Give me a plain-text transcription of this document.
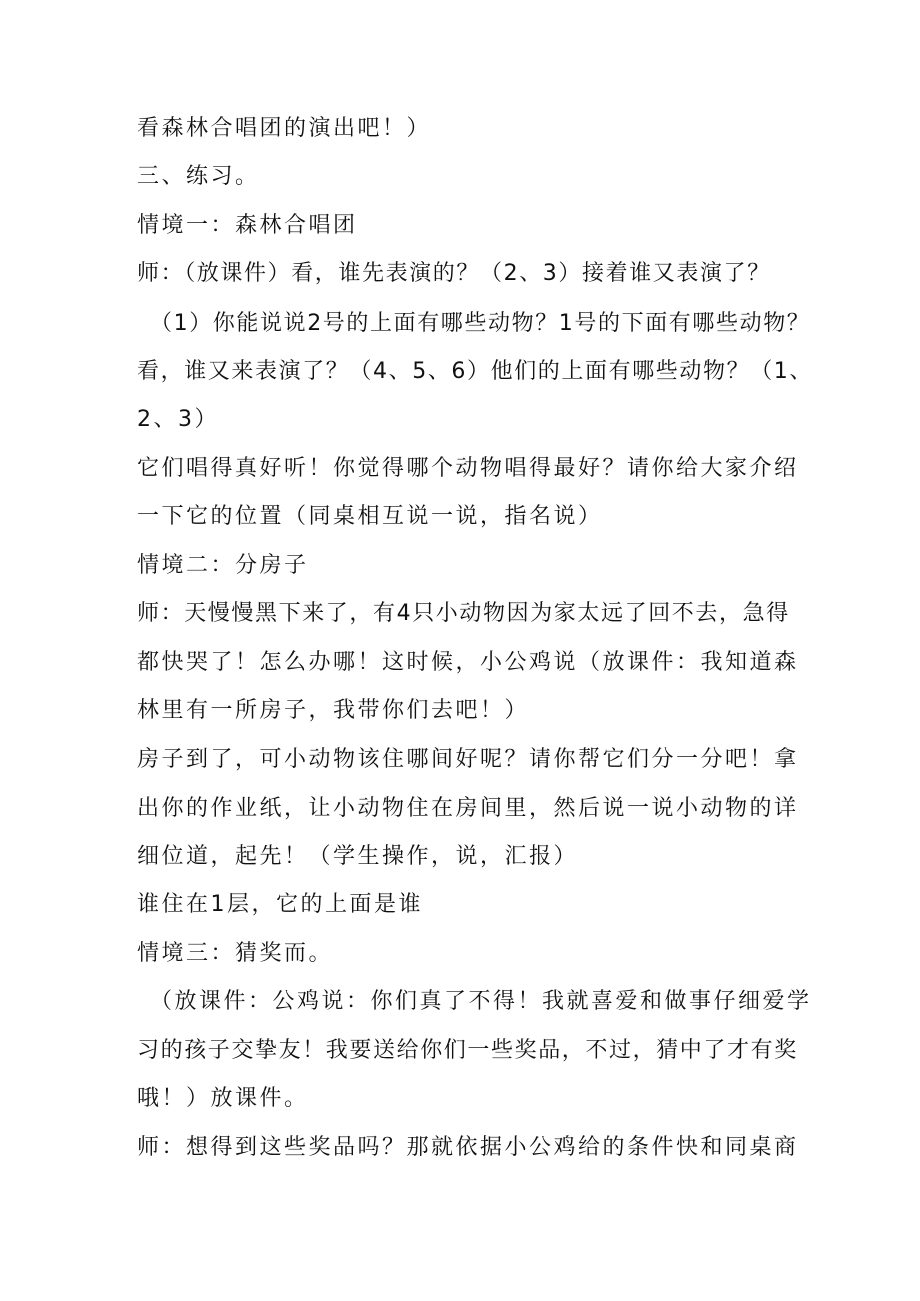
看森林合唱团的演出吧！）
三、练习。
情境一：森林合唱团
师：（放课件）看，谁先表演的？（2、3）接着谁又表演了？
（1）你能说说2号的上面有哪些动物？1号的下面有哪些动物？
看，谁又来表演了？（4、5、6）他们的上面有哪些动物？（1、
2、3）
它们唱得真好听！你觉得哪个动物唱得最好？请你给大家介绍
一下它的位置（同桌相互说一说，指名说）
情境二：分房子
师：天慢慢黑下来了，有4只小动物因为家太远了回不去，急得
都快哭了！怎么办哪！这时候，小公鸡说（放课件：我知道森
林里有一所房子，我带你们去吧！）
房子到了，可小动物该住哪间好呢？请你帮它们分一分吧！拿
出你的作业纸，让小动物住在房间里，然后说一说小动物的详
细位道，起先！（学生操作，说，汇报）
谁住在1层，它的上面是谁
情境三：猜奖而。
（放课件：公鸡说：你们真了不得！我就喜爱和做事仔细爱学
习的孩子交挚友！我要送给你们一些奖品，不过，猜中了才有奖
哦！）放课件。
师：想得到这些奖品吗？那就依据小公鸡给的条件快和同桌商
